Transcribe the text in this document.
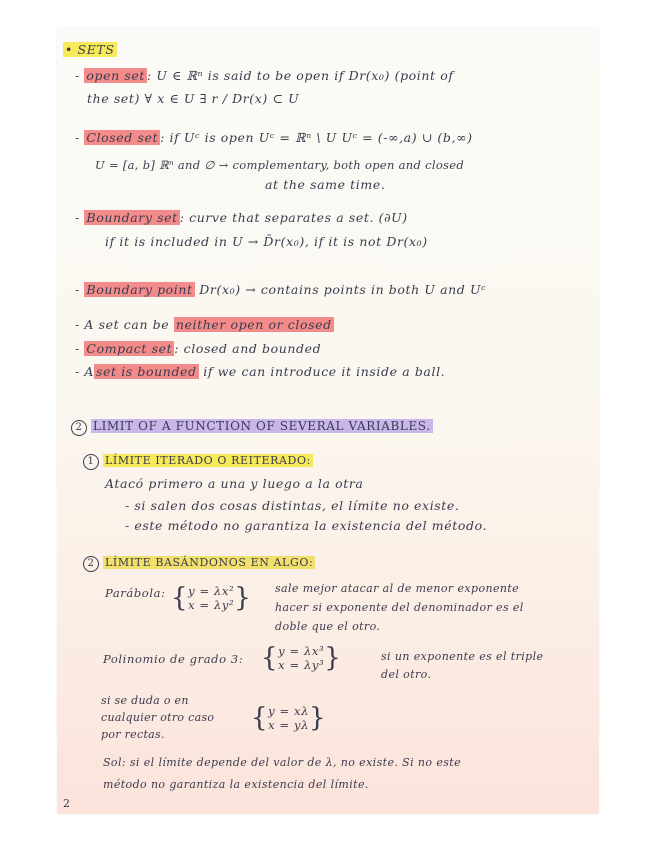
• SETS
- open set : U ∈ ℝⁿ is said to be open if Dr(x₀) (point of
the set) ∀ x ∈ U ∃ r / Dr(x) ⊂ U
- Closed set : if Uᶜ is open Uᶜ = ℝⁿ \ U Uᶜ = (-∞,a) ∪ (b,∞)
U = [a, b] ℝⁿ and ∅ → complementary, both open and closed
at the same time.
- Boundary set : curve that separates a set. (∂U)
if it is included in U → D̄r(x₀), if it is not Dr(x₀)
- Boundary point Dr(x₀) → contains points in both U and Uᶜ
- A set can be neither open or closed
- Compact set : closed and bounded
- A set is bounded if we can introduce it inside a ball.
2 LIMIT OF A FUNCTION OF SEVERAL VARIABLES.
1 LÍMITE ITERADO O REITERADO:
Atacó primero a una y luego a la otra
- si salen dos cosas distintas, el límite no existe.
- este método no garantiza la existencia del método.
2 LÍMITE BASÁNDONOS EN ALGO:
Parábola: {y = λx²
x = λy²} sale mejor atacar al de menor exponente
hacer si exponente del denominador es el
doble que el otro.
Polinomio de grado 3: {y = λx³
x = λy³}	si un exponente es el triple
del otro.
si se duda o en
cualquier otro caso
por rectas.
{y = xλ
x = yλ}
Sol: si el límite depende del valor de λ, no existe. Si no este
método no garantiza la existencia del límite.
2
